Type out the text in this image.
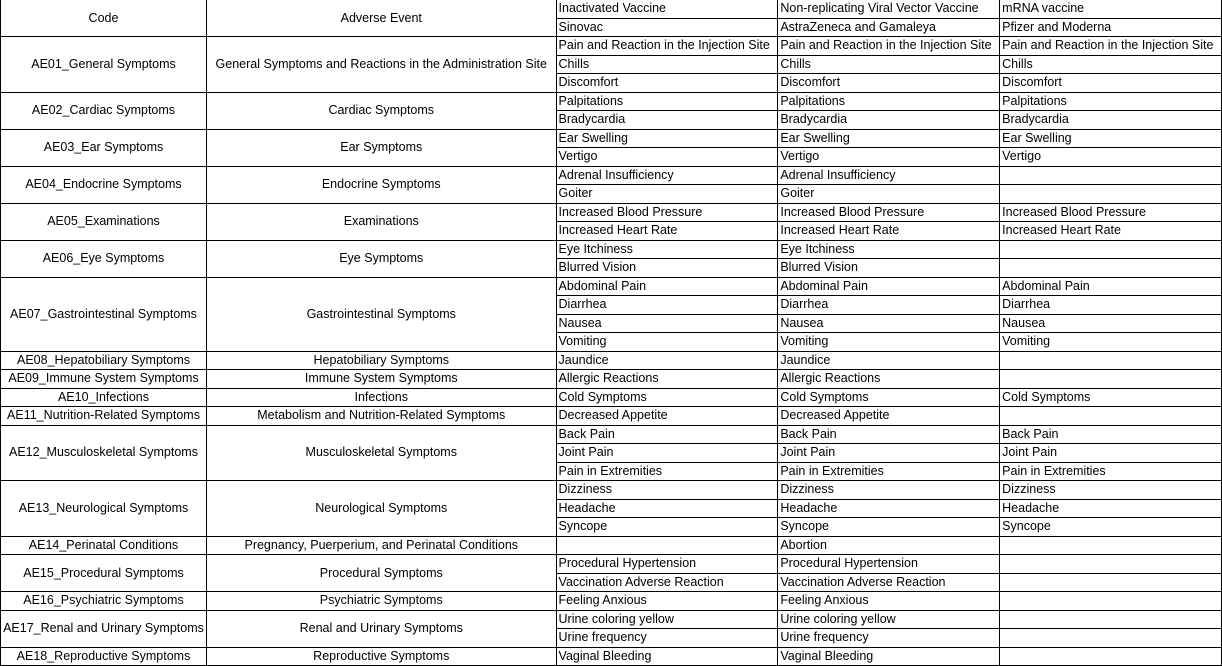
Code	Adverse Event	Inactivated Vaccine	Non-replicating Viral Vector Vaccine	mRNA vaccine
		Sinovac	AstraZeneca and Gamaleya	Pfizer and Moderna
AE01_General Symptoms	General Symptoms and Reactions in the Administration Site	Pain and Reaction in the Injection Site	Pain and Reaction in the Injection Site	Pain and Reaction in the Injection Site
		Chills	Chills	Chills
		Discomfort	Discomfort	Discomfort
AE02_Cardiac Symptoms	Cardiac Symptoms	Palpitations	Palpitations	Palpitations
		Bradycardia	Bradycardia	Bradycardia
AE03_Ear Symptoms	Ear Symptoms	Ear Swelling	Ear Swelling	Ear Swelling
		Vertigo	Vertigo	Vertigo
AE04_Endocrine Symptoms	Endocrine Symptoms	Adrenal Insufficiency	Adrenal Insufficiency	
		Goiter	Goiter	
AE05_Examinations	Examinations	Increased Blood Pressure	Increased Blood Pressure	Increased Blood Pressure
		Increased Heart Rate	Increased Heart Rate	Increased Heart Rate
AE06_Eye Symptoms	Eye Symptoms	Eye Itchiness	Eye Itchiness	
		Blurred Vision	Blurred Vision	
AE07_Gastrointestinal Symptoms	Gastrointestinal Symptoms	Abdominal Pain	Abdominal Pain	Abdominal Pain
		Diarrhea	Diarrhea	Diarrhea
		Nausea	Nausea	Nausea
		Vomiting	Vomiting	Vomiting
AE08_Hepatobiliary Symptoms	Hepatobiliary Symptoms	Jaundice	Jaundice	
AE09_Immune System Symptoms	Immune System Symptoms	Allergic Reactions	Allergic Reactions	
AE10_Infections	Infections	Cold Symptoms	Cold Symptoms	Cold Symptoms
AE11_Nutrition-Related Symptoms	Metabolism and Nutrition-Related Symptoms	Decreased Appetite	Decreased Appetite	
AE12_Musculoskeletal Symptoms	Musculoskeletal Symptoms	Back Pain	Back Pain	Back Pain
		Joint Pain	Joint Pain	Joint Pain
		Pain in Extremities	Pain in Extremities	Pain in Extremities
AE13_Neurological Symptoms	Neurological Symptoms	Dizziness	Dizziness	Dizziness
		Headache	Headache	Headache
		Syncope	Syncope	Syncope
AE14_Perinatal Conditions	Pregnancy, Puerperium, and Perinatal Conditions		Abortion	
AE15_Procedural Symptoms	Procedural Symptoms	Procedural Hypertension	Procedural Hypertension	
		Vaccination Adverse Reaction	Vaccination Adverse Reaction	
AE16_Psychiatric Symptoms	Psychiatric Symptoms	Feeling Anxious	Feeling Anxious	
AE17_Renal and Urinary Symptoms	Renal and Urinary Symptoms	Urine coloring yellow	Urine coloring yellow	
		Urine frequency	Urine frequency	
AE18_Reproductive Symptoms	Reproductive Symptoms	Vaginal Bleeding	Vaginal Bleeding	
